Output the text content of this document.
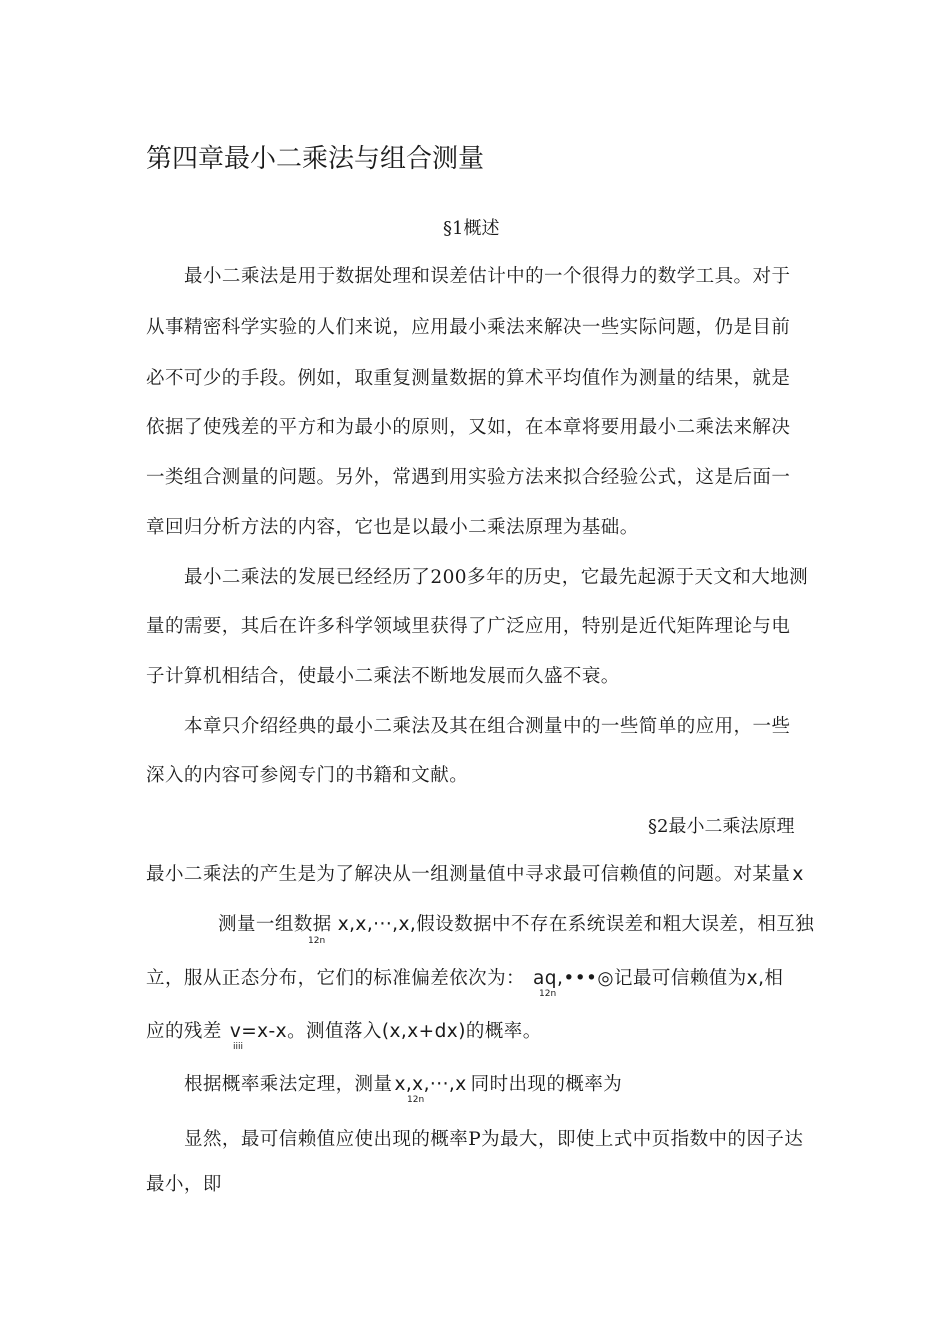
第四章最小二乘法与组合测量
§1概述
最小二乘法是用于数据处理和误差估计中的一个很得力的数学工具。对于
从事精密科学实验的人们来说，应用最小乘法来解决一些实际问题，仍是目前
必不可少的手段。例如，取重复测量数据的算术平均值作为测量的结果，就是
依据了使残差的平方和为最小的原则，又如，在本章将要用最小二乘法来解决
一类组合测量的问题。另外，常遇到用实验方法来拟合经验公式，这是后面一
章回归分析方法的内容，它也是以最小二乘法原理为基础。
最小二乘法的发展已经经历了200多年的历史，它最先起源于天文和大地测
量的需要，其后在许多科学领域里获得了广泛应用，特别是近代矩阵理论与电
子计算机相结合，使最小二乘法不断地发展而久盛不衰。
本章只介绍经典的最小二乘法及其在组合测量中的一些简单的应用，一些
深入的内容可参阅专门的书籍和文献。
§2最小二乘法原理
最小二乘法的产生是为了解决从一组测量值中寻求最可信赖值的问题。对某量 x
测量一组数据 x,x,···,x,假设数据中不存在系统误差和粗大误差，相互独
12n
立，服从正态分布，它们的标准偏差依次为： aq,•••◎记最可信赖值为x,相
12n
应的残差 v=x-x。测值落入(x,x+dx)的概率。
iiii
根据概率乘法定理，测量 x,x,···,x 同时出现的概率为
12n
显然，最可信赖值应使出现的概率P为最大，即使上式中页指数中的因子达
最小，即
